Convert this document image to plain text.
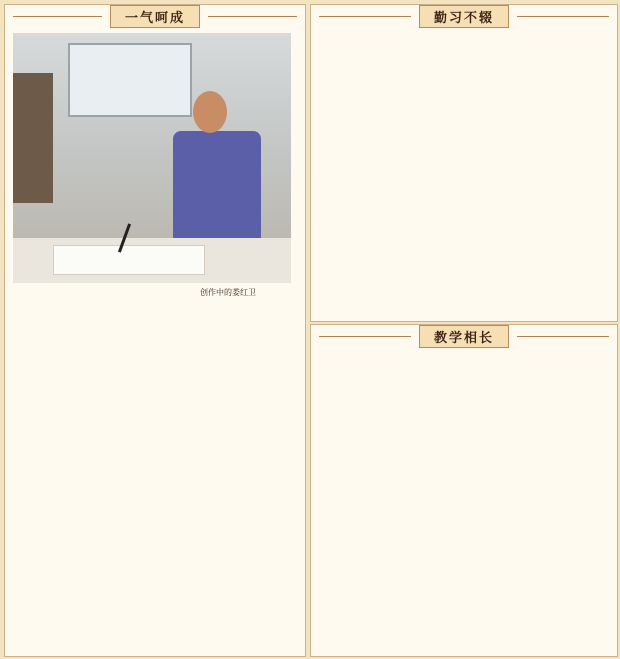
一气呵成
创作中的娄红卫
勤习不辍
教学相长
